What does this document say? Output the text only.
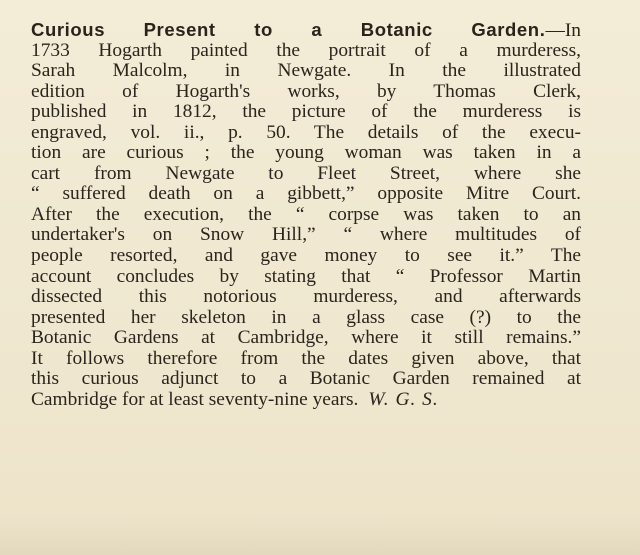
Curious Present to a Botanic Garden.—In
1733 Hogarth painted the portrait of a murderess,
Sarah Malcolm, in Newgate. In the illustrated
edition of Hogarth's works, by Thomas Clerk,
published in 1812, the picture of the murderess is
engraved, vol. ii., p. 50. The details of the execu-
tion are curious ; the young woman was taken in a
cart from Newgate to Fleet Street, where she
“ suffered death on a gibbett,” opposite Mitre Court.
After the execution, the “ corpse was taken to an
undertaker's on Snow Hill,” “ where multitudes of
people resorted, and gave money to see it.” The
account concludes by stating that “ Professor Martin
dissected this notorious murderess, and afterwards
presented her skeleton in a glass case (?) to the
Botanic Gardens at Cambridge, where it still remains.”
It follows therefore from the dates given above, that
this curious adjunct to a Botanic Garden remained at
Cambridge for at least seventy-nine years. W. G. S.
